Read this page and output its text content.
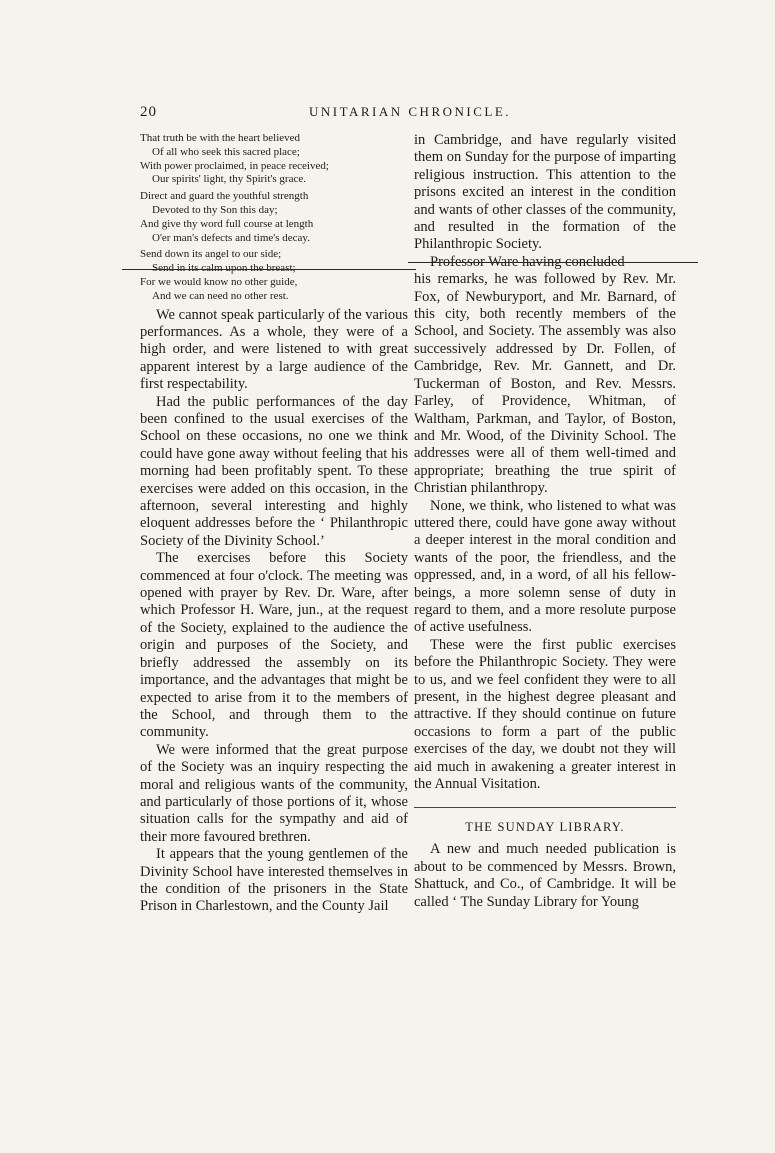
20	UNITARIAN CHRONICLE.
That truth be with the heart believed
Of all who seek this sacred place;
With power proclaimed, in peace received;
Our spirits' light, thy Spirit's grace.
Direct and guard the youthful strength
Devoted to thy Son this day;
And give thy word full course at length
O'er man's defects and time's decay.
Send down its angel to our side;
Send in its calm upon the breast;
For we would know no other guide,
And we can need no other rest.

We cannot speak particularly of the various performances. As a whole, they were of a high order, and were listened to with great apparent interest by a large audience of the first respectability.

Had the public performances of the day been confined to the usual exercises of the School on these occasions, no one we think could have gone away without feeling that his morning had been profitably spent. To these exercises were added on this occasion, in the afternoon, several interesting and highly eloquent addresses before the ‘ Philanthropic Society of the Divinity School.’

The exercises before this Society commenced at four o'clock. The meeting was opened with prayer by Rev. Dr. Ware, after which Professor H. Ware, jun., at the request of the Society, explained to the audience the origin and purposes of the Society, and briefly addressed the assembly on its importance, and the advantages that might be expected to arise from it to the members of the School, and through them to the community.

We were informed that the great purpose of the Society was an inquiry respecting the moral and religious wants of the community, and particularly of those portions of it, whose situation calls for the sympathy and aid of their more favoured brethren.

It appears that the young gentlemen of the Divinity School have interested themselves in the condition of the prisoners in the State Prison in Charlestown, and the County Jail

in Cambridge, and have regularly visited them on Sunday for the purpose of imparting religious instruction. This attention to the prisons excited an interest in the condition and wants of other classes of the community, and resulted in the formation of the Philanthropic Society.

Professor Ware having concluded

his remarks, he was followed by Rev. Mr. Fox, of Newburyport, and Mr. Barnard, of this city, both recently members of the School, and Society. The assembly was also successively addressed by Dr. Follen, of Cambridge, Rev. Mr. Gannett, and Dr. Tuckerman of Boston, and Rev. Messrs. Farley, of Providence, Whitman, of Waltham, Parkman, and Taylor, of Boston, and Mr. Wood, of the Divinity School. The addresses were all of them well-timed and appropriate; breathing the true spirit of Christian philanthropy.

None, we think, who listened to what was uttered there, could have gone away without a deeper interest in the moral condition and wants of the poor, the friendless, and the oppressed, and, in a word, of all his fellow-beings, a more solemn sense of duty in regard to them, and a more resolute purpose of active usefulness.

These were the first public exercises before the Philanthropic Society. They were to us, and we feel confident they were to all present, in the highest degree pleasant and attractive. If they should continue on future occasions to form a part of the public exercises of the day, we doubt not they will aid much in awakening a greater interest in the Annual Visitation.

THE SUNDAY LIBRARY.

A new and much needed publication is about to be commenced by Messrs. Brown, Shattuck, and Co., of Cambridge. It will be called ‘ The Sunday Library for Young
